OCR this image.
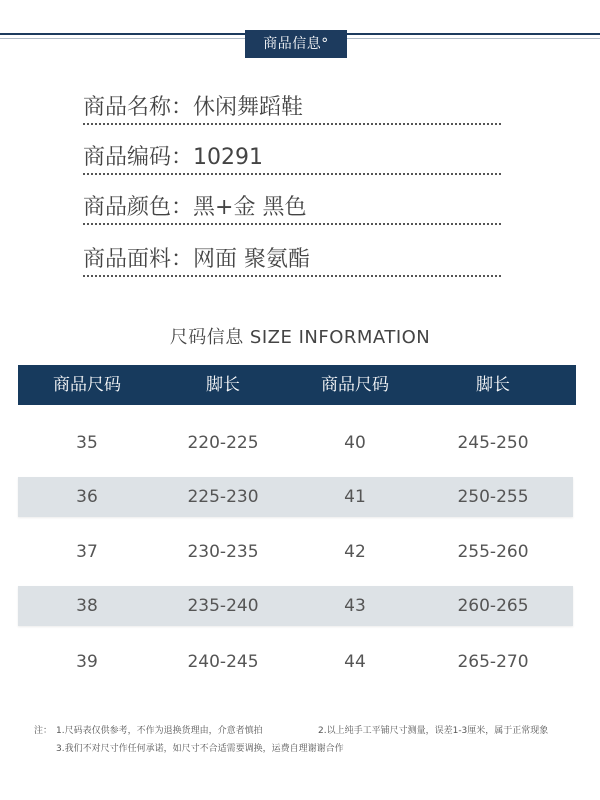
商品信息°
商品名称：休闲舞蹈鞋
商品编码：10291
商品颜色：黑+金 黑色
商品面料：网面 聚氨酯
尺码信息 SIZE INFORMATION
商品尺码	脚长	商品尺码	脚长
35	220-225	40	245-250
36	225-230	41	250-255
37	230-235	42	255-260
38	235-240	43	260-265
39	240-245	44	265-270
注： 1.尺码表仅供参考，不作为退换货理由，介意者慎拍	2.以上纯手工平铺尺寸测量，误差1-3厘米，属于正常现象
3.我们不对尺寸作任何承诺，如尺寸不合适需要调换，运费自理谢谢合作
